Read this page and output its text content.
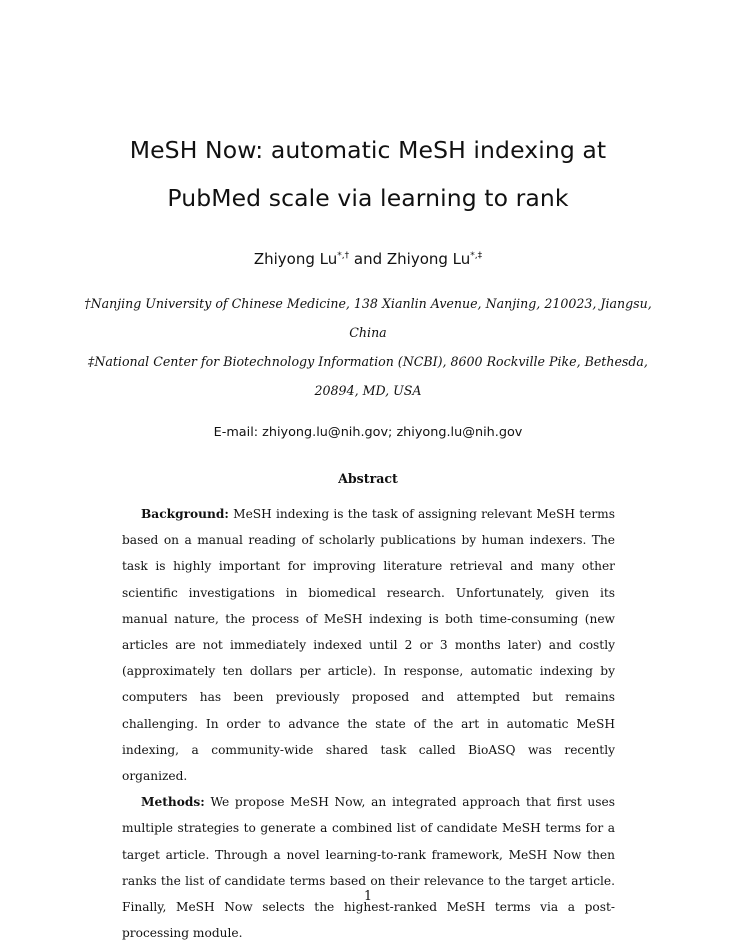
MeSH Now: automatic MeSH indexing at
PubMed scale via learning to rank
Zhiyong Lu*,† and Zhiyong Lu*,‡
†Nanjing University of Chinese Medicine, 138 Xianlin Avenue, Nanjing, 210023, Jiangsu,
China
‡National Center for Biotechnology Information (NCBI), 8600 Rockville Pike, Bethesda,
20894, MD, USA
E-mail: zhiyong.lu@nih.gov; zhiyong.lu@nih.gov
Abstract

Background: MeSH indexing is the task of assigning relevant MeSH terms based on a manual reading of scholarly publications by human indexers. The task is highly important for improving literature retrieval and many other scientific investigations in biomedical research. Unfortunately, given its manual nature, the process of MeSH indexing is both time-consuming (new articles are not immediately indexed until 2 or 3 months later) and costly (approximately ten dollars per article). In response, automatic indexing by computers has been previously proposed and attempted but remains challenging. In order to advance the state of the art in automatic MeSH indexing, a community-wide shared task called BioASQ was recently organized.

Methods: We propose MeSH Now, an integrated approach that first uses multiple strategies to generate a combined list of candidate MeSH terms for a target article. Through a novel learning-to-rank framework, MeSH Now then ranks the list of candidate terms based on their relevance to the target article. Finally, MeSH Now selects the highest-ranked MeSH terms via a post-processing module.

1
